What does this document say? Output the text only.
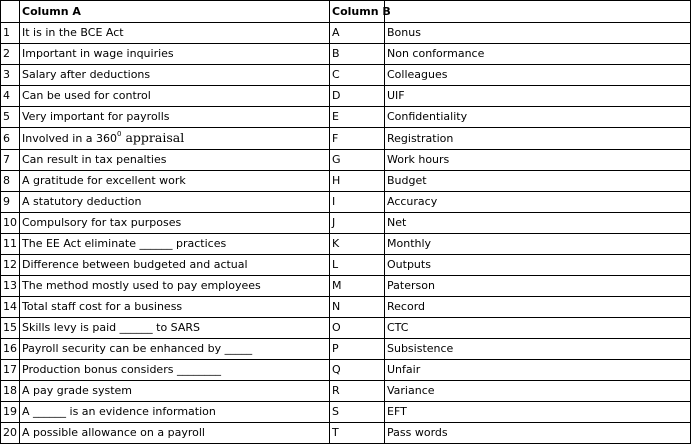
	Column A	Column B	
1	It is in the BCE Act	A	Bonus
2	Important in wage inquiries	B	Non conformance
3	Salary after deductions	C	Colleagues
4	Can be used for control	D	UIF
5	Very important for payrolls	E	Confidentiality
6	Involved in a $360^0$ appraisal	F	Registration
7	Can result in tax penalties	G	Work hours
8	A gratitude for excellent work	H	Budget
9	A statutory deduction	I	Accuracy
10	Compulsory for tax purposes	J	Net
11	The EE Act eliminate ______ practices	K	Monthly
12	Difference between budgeted and actual	L	Outputs
13	The method mostly used to pay employees	M	Paterson
14	Total staff cost for a business	N	Record
15	Skills levy is paid ______ to SARS	O	CTC
16	Payroll security can be enhanced by _____	P	Subsistence
17	Production bonus considers ________	Q	Unfair
18	A pay grade system	R	Variance
19	A ______ is an evidence information	S	EFT
20	A possible allowance on a payroll	T	Pass words
